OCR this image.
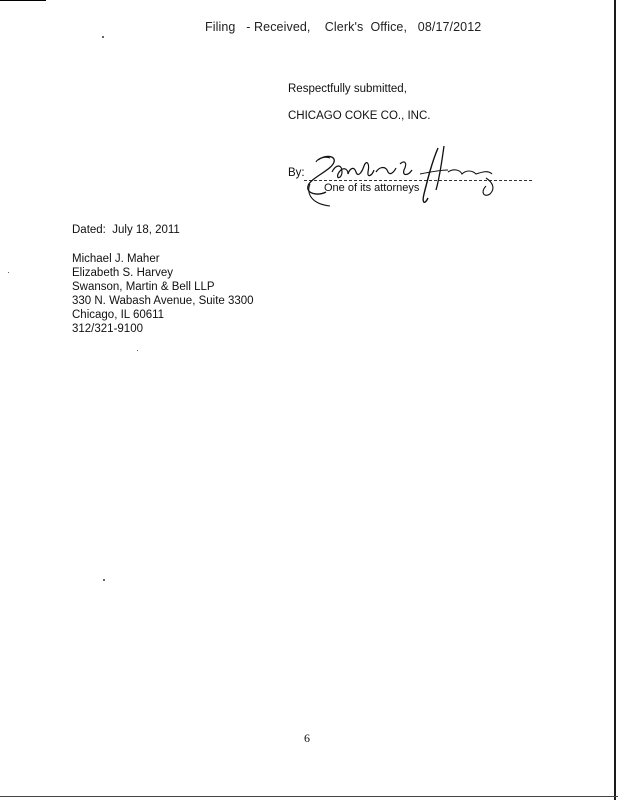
Filing   - Received,    Clerk's  Office,   08/17/2012
Respectfully submitted,
CHICAGO COKE CO., INC.
By:
One of its attorneys
Dated:  July 18, 2011
Michael J. Maher
Elizabeth S. Harvey
Swanson, Martin & Bell LLP
330 N. Wabash Avenue, Suite 3300
Chicago, IL 60611
312/321-9100
6
